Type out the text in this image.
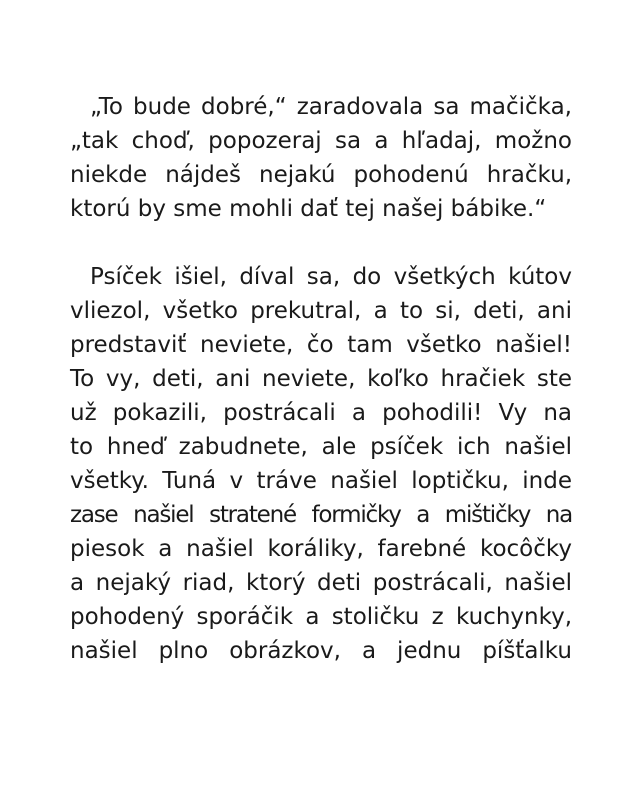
„To bude dobré,“ zaradovala sa mačička,
„tak choď, popozeraj sa a hľadaj, možno
niekde nájdeš nejakú pohodenú hračku,
ktorú by sme mohli dať tej našej bábike.“

Psíček išiel, díval sa, do všetkých kútov
vliezol, všetko prekutral, a to si, deti, ani
predstaviť neviete, čo tam všetko našiel!
To vy, deti, ani neviete, koľko hračiek ste
už pokazili, postrácali a pohodili! Vy na
to hneď zabudnete, ale psíček ich našiel
všetky. Tuná v tráve našiel loptičku, inde
zase našiel stratené formičky a mištičky na
piesok a našiel koráliky, farebné kocôčky
a nejaký riad, ktorý deti postrácali, našiel
pohodený sporáčik a stoličku z kuchynky,
našiel plno obrázkov, a jednu píšťalku
